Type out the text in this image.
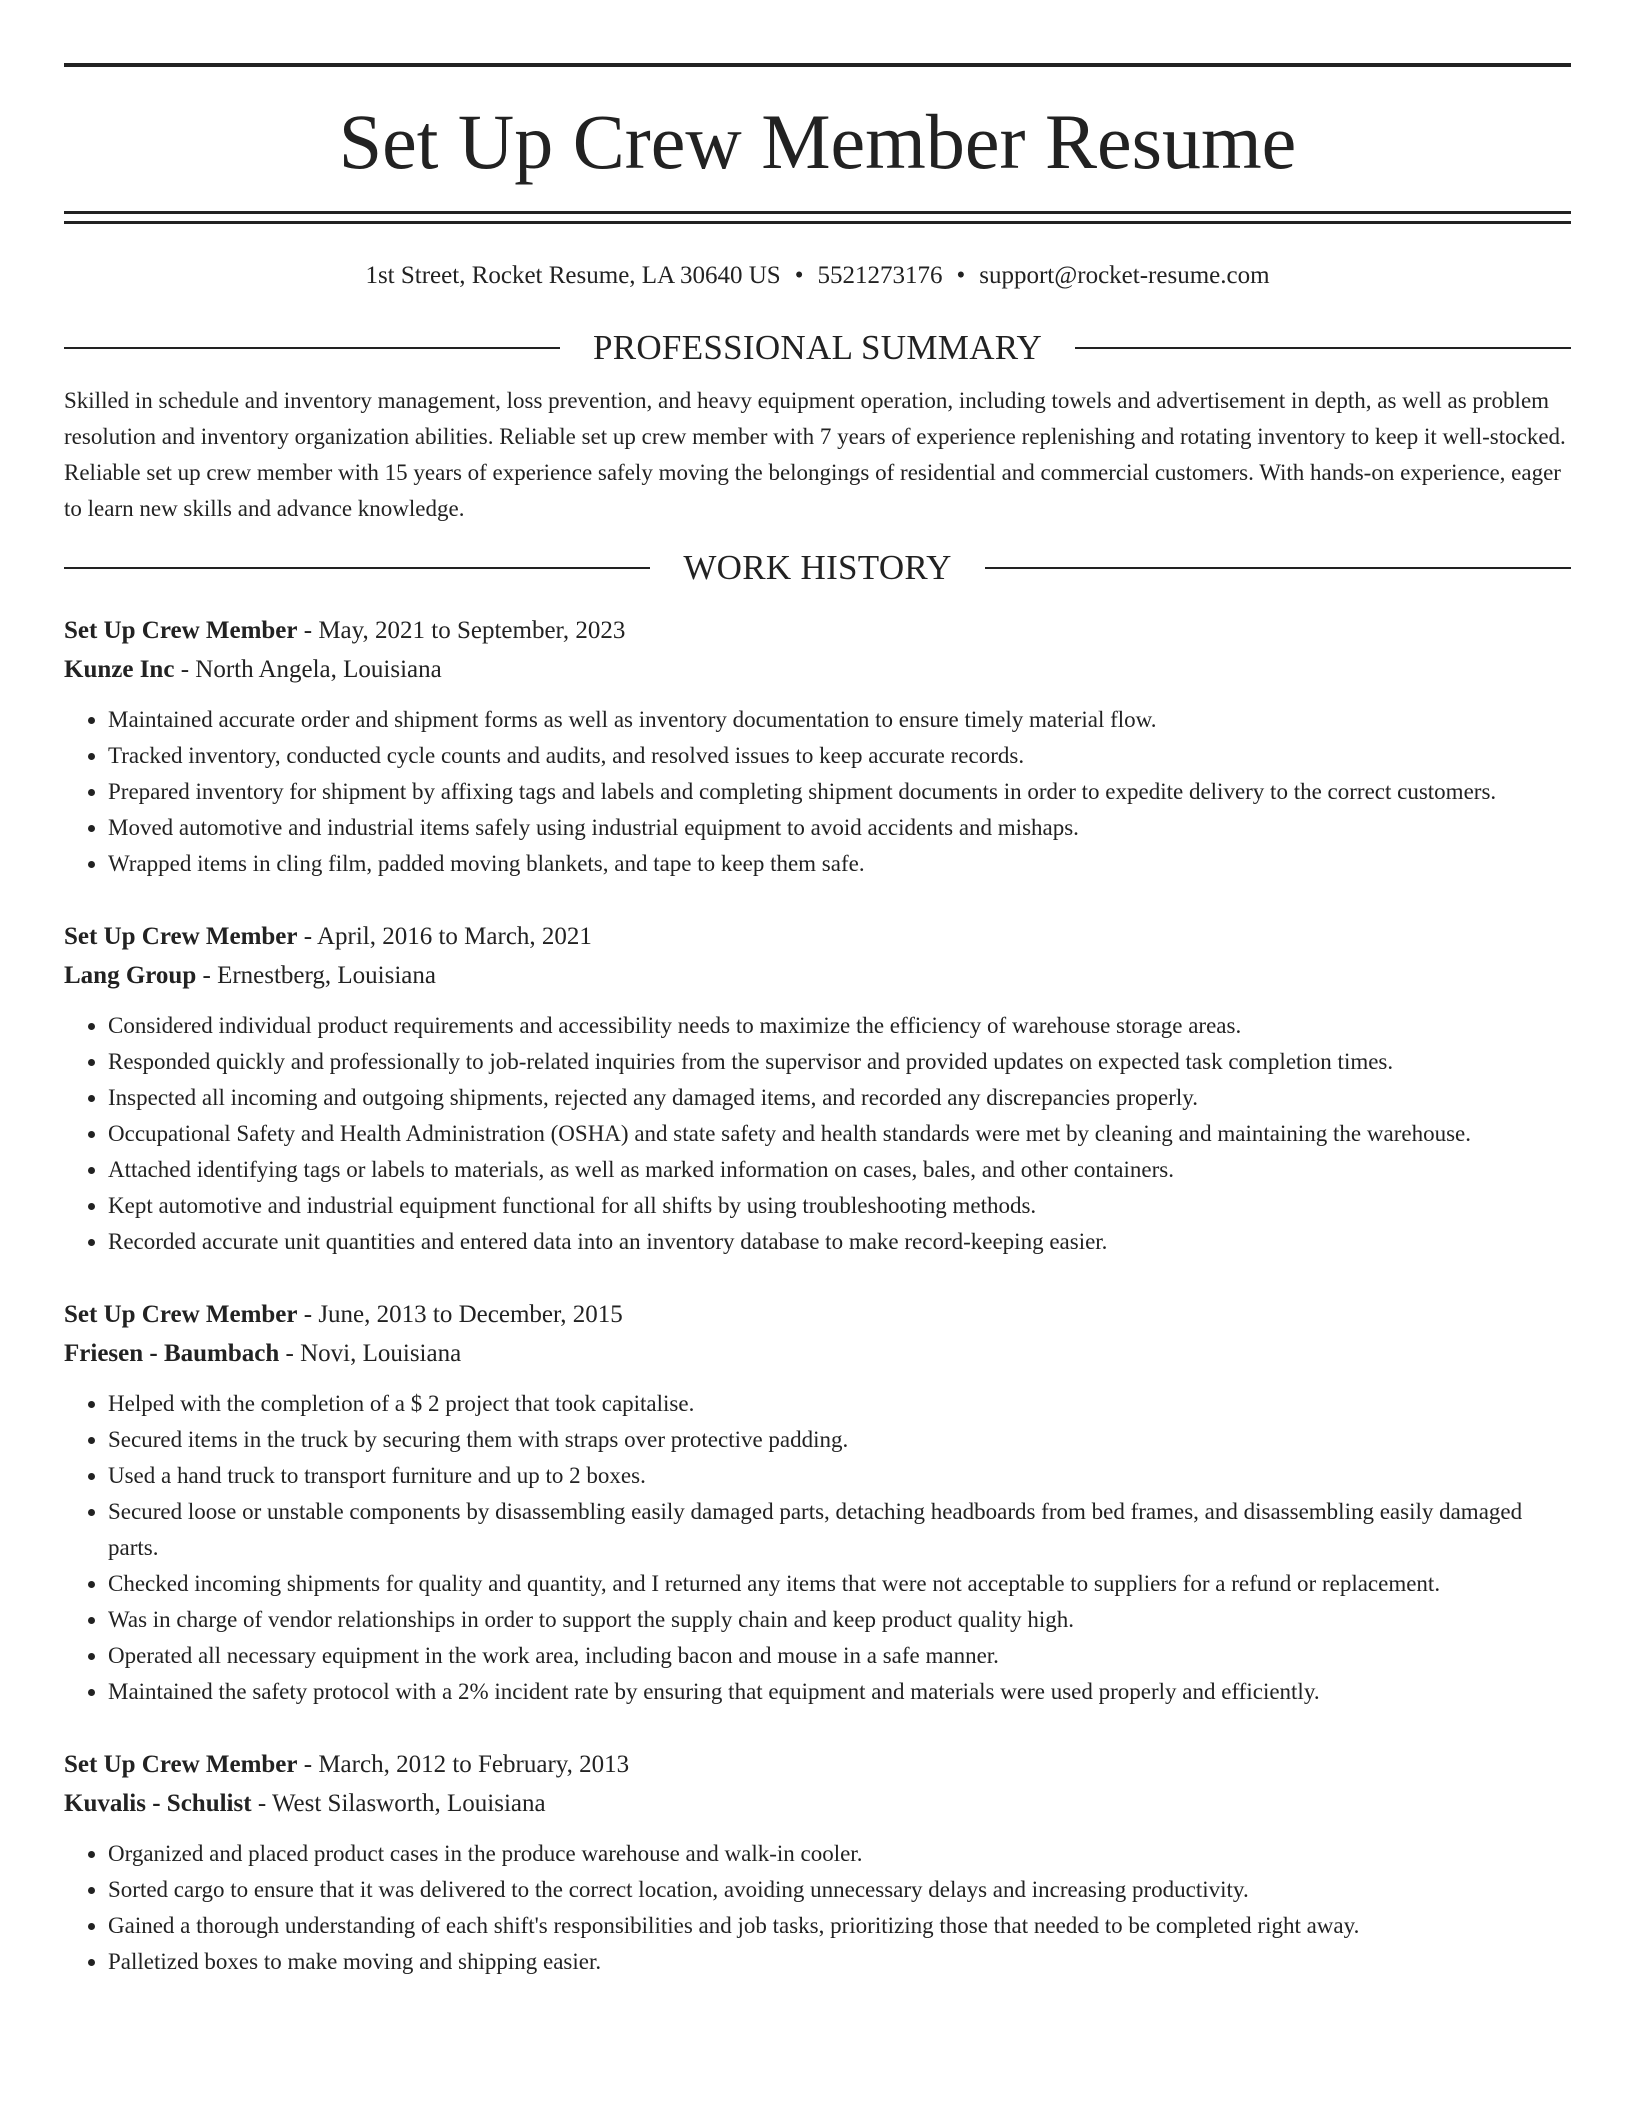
Set Up Crew Member Resume
1st Street, Rocket Resume, LA 30640 US • 5521273176 • support@rocket-resume.com
PROFESSIONAL SUMMARY

Skilled in schedule and inventory management, loss prevention, and heavy equipment operation, including towels and advertisement in depth, as well as problem resolution and inventory organization abilities. Reliable set up crew member with 7 years of experience replenishing and rotating inventory to keep it well-stocked. Reliable set up crew member with 15 years of experience safely moving the belongings of residential and commercial customers. With hands-on experience, eager to learn new skills and advance knowledge.

WORK HISTORY
Set Up Crew Member - May, 2021 to September, 2023
Kunze Inc - North Angela, Louisiana
• Maintained accurate order and shipment forms as well as inventory documentation to ensure timely material flow.
• Tracked inventory, conducted cycle counts and audits, and resolved issues to keep accurate records.
• Prepared inventory for shipment by affixing tags and labels and completing shipment documents in order to expedite delivery to the correct customers.
• Moved automotive and industrial items safely using industrial equipment to avoid accidents and mishaps.
• Wrapped items in cling film, padded moving blankets, and tape to keep them safe.
Set Up Crew Member - April, 2016 to March, 2021
Lang Group - Ernestberg, Louisiana
• Considered individual product requirements and accessibility needs to maximize the efficiency of warehouse storage areas.
• Responded quickly and professionally to job-related inquiries from the supervisor and provided updates on expected task completion times.
• Inspected all incoming and outgoing shipments, rejected any damaged items, and recorded any discrepancies properly.
• Occupational Safety and Health Administration (OSHA) and state safety and health standards were met by cleaning and maintaining the warehouse.
• Attached identifying tags or labels to materials, as well as marked information on cases, bales, and other containers.
• Kept automotive and industrial equipment functional for all shifts by using troubleshooting methods.
• Recorded accurate unit quantities and entered data into an inventory database to make record-keeping easier.
Set Up Crew Member - June, 2013 to December, 2015
Friesen - Baumbach - Novi, Louisiana
• Helped with the completion of a $ 2 project that took capitalise.
• Secured items in the truck by securing them with straps over protective padding.
• Used a hand truck to transport furniture and up to 2 boxes.
• Secured loose or unstable components by disassembling easily damaged parts, detaching headboards from bed frames, and disassembling easily damaged parts.
• Checked incoming shipments for quality and quantity, and I returned any items that were not acceptable to suppliers for a refund or replacement.
• Was in charge of vendor relationships in order to support the supply chain and keep product quality high.
• Operated all necessary equipment in the work area, including bacon and mouse in a safe manner.
• Maintained the safety protocol with a 2% incident rate by ensuring that equipment and materials were used properly and efficiently.
Set Up Crew Member - March, 2012 to February, 2013
Kuvalis - Schulist - West Silasworth, Louisiana
• Organized and placed product cases in the produce warehouse and walk-in cooler.
• Sorted cargo to ensure that it was delivered to the correct location, avoiding unnecessary delays and increasing productivity.
• Gained a thorough understanding of each shift's responsibilities and job tasks, prioritizing those that needed to be completed right away.
• Palletized boxes to make moving and shipping easier.
